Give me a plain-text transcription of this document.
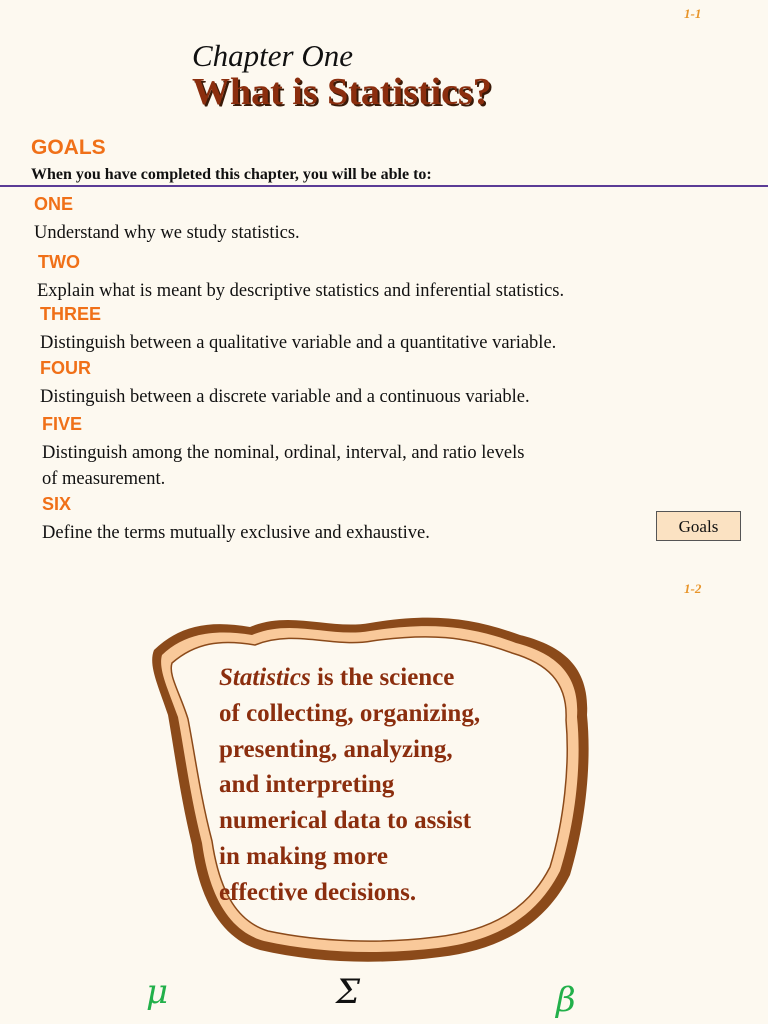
1-1
1-2
Chapter One
What is Statistics?
GOALS
When you have completed this chapter, you will be able to:
ONE
Understand why we study statistics.
TWO
Explain what is meant by descriptive statistics and inferential statistics.
THREE
Distinguish between a qualitative variable and a quantitative variable.
FOUR
Distinguish between a discrete variable and a continuous variable.
FIVE
Distinguish among the nominal, ordinal, interval, and ratio levels
of measurement.
SIX
Define the terms mutually exclusive and exhaustive.	Goals
Statistics is the science
of collecting, organizing,
presenting, analyzing,
and interpreting
numerical data to assist
in making more
effective decisions.
μ	Σ	β
